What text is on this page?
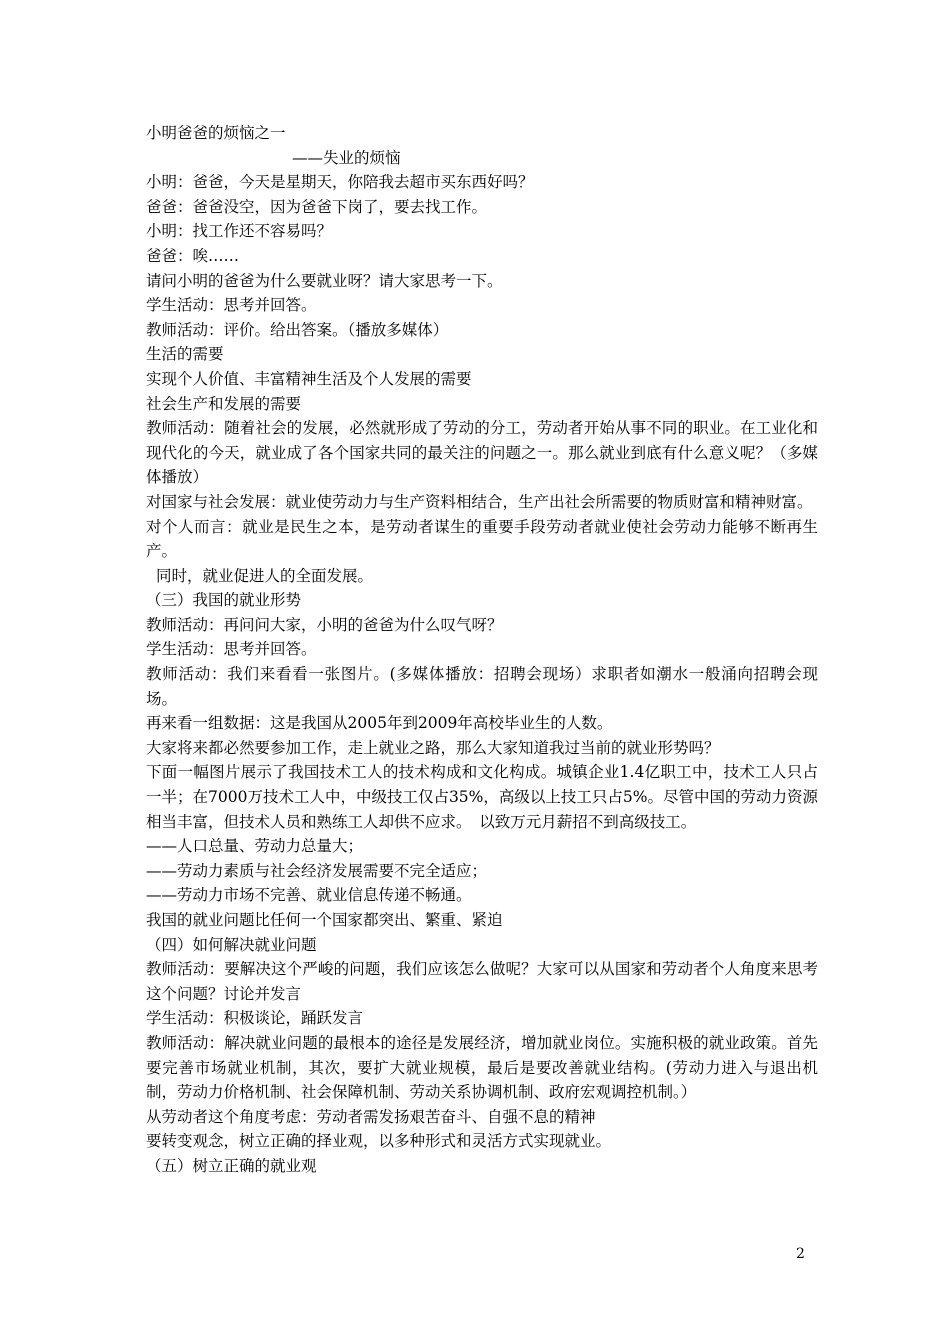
小明爸爸的烦恼之一

——失业的烦恼

小明：爸爸，今天是星期天，你陪我去超市买东西好吗？

爸爸：爸爸没空，因为爸爸下岗了，要去找工作。

小明：找工作还不容易吗？

爸爸：唉……

请问小明的爸爸为什么要就业呀？请大家思考一下。

学生活动：思考并回答。

教师活动：评价。给出答案。（播放多媒体）

生活的需要

实现个人价值、丰富精神生活及个人发展的需要

社会生产和发展的需要

教师活动：随着社会的发展，必然就形成了劳动的分工，劳动者开始从事不同的职业。在工业化和现代化的今天，就业成了各个国家共同的最关注的问题之一。那么就业到底有什么意义呢？（多媒体播放）

对国家与社会发展：就业使劳动力与生产资料相结合，生产出社会所需要的物质财富和精神财富。

对个人而言：就业是民生之本，是劳动者谋生的重要手段劳动者就业使社会劳动力能够不断再生产。

同时，就业促进人的全面发展。

（三）我国的就业形势

教师活动：再问问大家，小明的爸爸为什么叹气呀？

学生活动：思考并回答。

教师活动：我们来看看一张图片。(多媒体播放：招聘会现场）求职者如潮水一般涌向招聘会现场。

再来看一组数据：这是我国从2005年到2009年高校毕业生的人数。

大家将来都必然要参加工作，走上就业之路，那么大家知道我过当前的就业形势吗？

下面一幅图片展示了我国技术工人的技术构成和文化构成。城镇企业1.4亿职工中，技术工人只占一半；在7000万技术工人中，中级技工仅占35%，高级以上技工只占5%。尽管中国的劳动力资源相当丰富，但技术人员和熟练工人却供不应求。　以致万元月薪招不到高级技工。

——人口总量、劳动力总量大；

——劳动力素质与社会经济发展需要不完全适应；

——劳动力市场不完善、就业信息传递不畅通。

我国的就业问题比任何一个国家都突出、繁重、紧迫

（四）如何解决就业问题

教师活动：要解决这个严峻的问题，我们应该怎么做呢？大家可以从国家和劳动者个人角度来思考这个问题？讨论并发言

学生活动：积极谈论，踊跃发言

教师活动：解决就业问题的最根本的途径是发展经济，增加就业岗位。实施积极的就业政策。首先要完善市场就业机制，其次，要扩大就业规模，最后是要改善就业结构。(劳动力进入与退出机制，劳动力价格机制、社会保障机制、劳动关系协调机制、政府宏观调控机制。）

从劳动者这个角度考虑：劳动者需发扬艰苦奋斗、自强不息的精神

要转变观念，树立正确的择业观，以多种形式和灵活方式实现就业。

（五）树立正确的就业观

2
